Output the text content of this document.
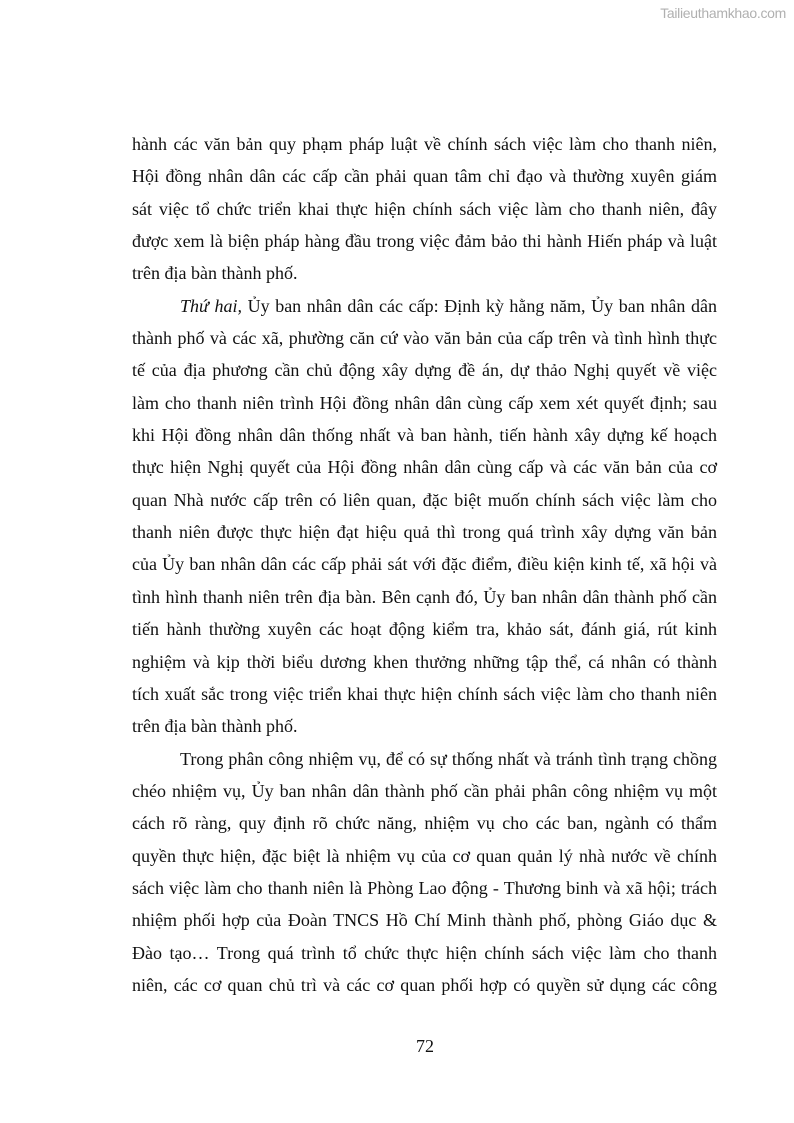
Tailieuthamkhao.com
hành các văn bản quy phạm pháp luật về chính sách việc làm cho thanh niên,
Hội đồng nhân dân các cấp cần phải quan tâm chỉ đạo và thường xuyên giám
sát việc tổ chức triển khai thực hiện chính sách việc làm cho thanh niên, đây
được xem là biện pháp hàng đầu trong việc đảm bảo thi hành Hiến pháp và luật
trên địa bàn thành phố.
Thứ hai, Ủy ban nhân dân các cấp: Định kỳ hằng năm, Ủy ban nhân dân
thành phố và các xã, phường căn cứ vào văn bản của cấp trên và tình hình thực
tế của địa phương cần chủ động xây dựng đề án, dự thảo Nghị quyết về việc
làm cho thanh niên trình Hội đồng nhân dân cùng cấp xem xét quyết định; sau
khi Hội đồng nhân dân thống nhất và ban hành, tiến hành xây dựng kế hoạch
thực hiện Nghị quyết của Hội đồng nhân dân cùng cấp và các văn bản của cơ
quan Nhà nước cấp trên có liên quan, đặc biệt muốn chính sách việc làm cho
thanh niên được thực hiện đạt hiệu quả thì trong quá trình xây dựng văn bản
của Ủy ban nhân dân các cấp phải sát với đặc điểm, điều kiện kinh tế, xã hội và
tình hình thanh niên trên địa bàn. Bên cạnh đó, Ủy ban nhân dân thành phố cần
tiến hành thường xuyên các hoạt động kiểm tra, khảo sát, đánh giá, rút kinh
nghiệm và kịp thời biểu dương khen thưởng những tập thể, cá nhân có thành
tích xuất sắc trong việc triển khai thực hiện chính sách việc làm cho thanh niên
trên địa bàn thành phố.
Trong phân công nhiệm vụ, để có sự thống nhất và tránh tình trạng chồng
chéo nhiệm vụ, Ủy ban nhân dân thành phố cần phải phân công nhiệm vụ một
cách rõ ràng, quy định rõ chức năng, nhiệm vụ cho các ban, ngành có thẩm
quyền thực hiện, đặc biệt là nhiệm vụ của cơ quan quản lý nhà nước về chính
sách việc làm cho thanh niên là Phòng Lao động - Thương binh và xã hội; trách
nhiệm phối hợp của Đoàn TNCS Hồ Chí Minh thành phố, phòng Giáo dục &
Đào tạo… Trong quá trình tổ chức thực hiện chính sách việc làm cho thanh
niên, các cơ quan chủ trì và các cơ quan phối hợp có quyền sử dụng các công
72
